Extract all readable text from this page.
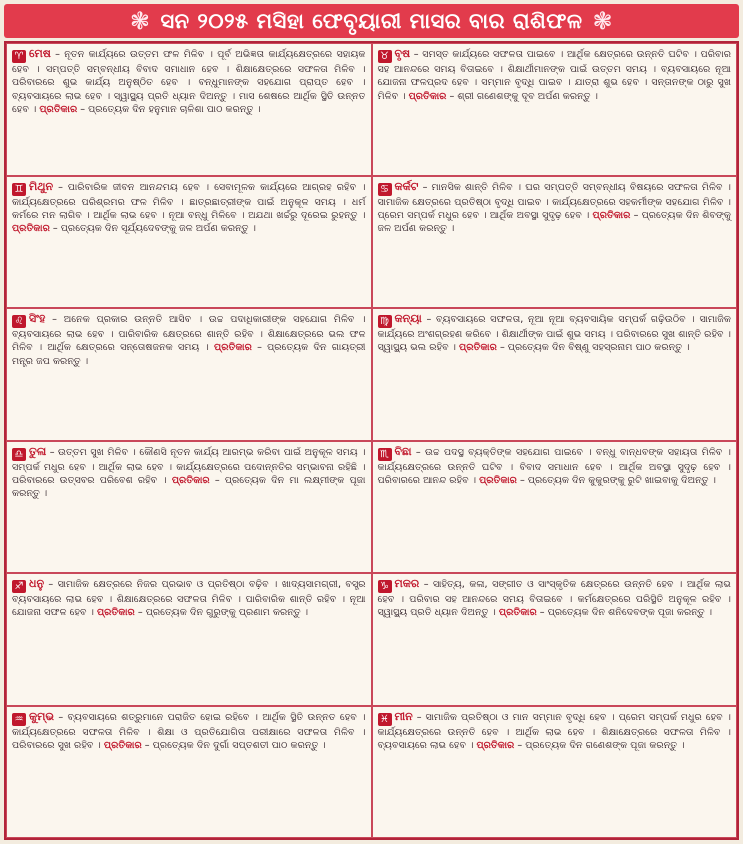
❃ ସନ ୨୦୨୫ ମସିହା ଫେବୃୟାରୀ ମାସର ବାର ରାଶିଫଳ ❃
♈ ମେଷ – ନୂତନ କାର୍ଯ୍ୟରେ ଉତ୍ତମ ଫଳ ମିଳିବ । ପୂର୍ବ ଅଭିଜ୍ଞତା କାର୍ଯ୍ୟକ୍ଷେତ୍ରରେ ସହାୟକ ହେବ । ସମ୍ପତ୍ତି ସମ୍ବନ୍ଧୀୟ ବିବାଦ ସମାଧାନ ହେବ । ଶିକ୍ଷାକ୍ଷେତ୍ରରେ ସଫଳତା ମିଳିବ । ପରିବାରରେ ଶୁଭ କାର୍ଯ୍ୟ ଅନୁଷ୍ଠିତ ହେବ । ବନ୍ଧୁମାନଙ୍କ ସହଯୋଗ ପ୍ରାପ୍ତ ହେବ । ବ୍ୟବସାୟରେ ଲାଭ ହେବ । ସ୍ୱାସ୍ଥ୍ୟ ପ୍ରତି ଧ୍ୟାନ ଦିଅନ୍ତୁ । ମାସ ଶେଷରେ ଆର୍ଥିକ ସ୍ଥିତି ଉନ୍ନତ ହେବ । ପ୍ରତିକାର – ପ୍ରତ୍ୟେକ ଦିନ ହନୁମାନ ଚାଳିଶା ପାଠ କରନ୍ତୁ ।
♉ ବୃଷ – ସମସ୍ତ କାର୍ଯ୍ୟରେ ସଫଳତା ପାଇବେ । ଆର୍ଥିକ କ୍ଷେତ୍ରରେ ଉନ୍ନତି ଘଟିବ । ପରିବାର ସହ ଆନନ୍ଦରେ ସମୟ ବିତାଇବେ । ଶିକ୍ଷାର୍ଥୀମାନଙ୍କ ପାଇଁ ଉତ୍ତମ ସମୟ । ବ୍ୟବସାୟରେ ନୂଆ ଯୋଜନା ଫଳପ୍ରଦ ହେବ । ସମ୍ମାନ ବୃଦ୍ଧି ପାଇବ । ଯାତ୍ରା ଶୁଭ ହେବ । ସନ୍ତାନଙ୍କ ଠାରୁ ସୁଖ ମିଳିବ । ପ୍ରତିକାର – ଶ୍ରୀ ଗଣେଶଙ୍କୁ ଦୂବ ଅର୍ପଣ କରନ୍ତୁ ।
♊ ମିଥୁନ – ପାରିବାରିକ ଜୀବନ ଆନନ୍ଦମୟ ହେବ । ସେବାମୂଳକ କାର୍ଯ୍ୟରେ ଆଗ୍ରହ ରହିବ । କାର୍ଯ୍ୟକ୍ଷେତ୍ରରେ ପରିଶ୍ରମର ଫଳ ମିଳିବ । ଛାତ୍ରଛାତ୍ରୀଙ୍କ ପାଇଁ ଅନୁକୂଳ ସମୟ । ଧର୍ମ କର୍ମରେ ମନ ଲାଗିବ । ଆର୍ଥିକ ଲାଭ ହେବ । ନୂଆ ବନ୍ଧୁ ମିଳିବେ । ଅଯଥା ଖର୍ଚ୍ଚରୁ ଦୂରେଇ ରୁହନ୍ତୁ । ପ୍ରତିକାର – ପ୍ରତ୍ୟେକ ଦିନ ସୂର୍ଯ୍ୟଦେବଙ୍କୁ ଜଳ ଅର୍ପଣ କରନ୍ତୁ ।
♋ କର୍କଟ – ମାନସିକ ଶାନ୍ତି ମିଳିବ । ଘର ସମ୍ପତ୍ତି ସମ୍ବନ୍ଧୀୟ ବିଷୟରେ ସଫଳତା ମିଳିବ । ସାମାଜିକ କ୍ଷେତ୍ରରେ ପ୍ରତିଷ୍ଠା ବୃଦ୍ଧି ପାଇବ । କାର୍ଯ୍ୟକ୍ଷେତ୍ରରେ ସହକର୍ମୀଙ୍କ ସହଯୋଗ ମିଳିବ । ପ୍ରେମ ସମ୍ପର୍କ ମଧୁର ହେବ । ଆର୍ଥିକ ଅବସ୍ଥା ସୁଦୃଢ଼ ହେବ । ପ୍ରତିକାର – ପ୍ରତ୍ୟେକ ଦିନ ଶିବଙ୍କୁ ଜଳ ଅର୍ପଣ କରନ୍ତୁ ।
♌ ସିଂହ – ଅନେକ ପ୍ରକାର ଉନ୍ନତି ଆସିବ । ଉଚ୍ଚ ପଦାଧିକାରୀଙ୍କ ସହଯୋଗ ମିଳିବ । ବ୍ୟବସାୟରେ ଲାଭ ହେବ । ପାରିବାରିକ କ୍ଷେତ୍ରରେ ଶାନ୍ତି ରହିବ । ଶିକ୍ଷାକ୍ଷେତ୍ରରେ ଭଲ ଫଳ ମିଳିବ । ଆର୍ଥିକ କ୍ଷେତ୍ରରେ ସନ୍ତୋଷଜନକ ସମୟ । ପ୍ରତିକାର – ପ୍ରତ୍ୟେକ ଦିନ ଗାୟତ୍ରୀ ମନ୍ତ୍ର ଜପ କରନ୍ତୁ ।
♍ କନ୍ୟା – ବ୍ୟବସାୟରେ ସଫଳତା, ନୂଆ ନୂଆ ବ୍ୟବସାୟିକ ସମ୍ପର୍କ ଗଢ଼ିଉଠିବ । ସାମାଜିକ କାର୍ଯ୍ୟରେ ଅଂଶଗ୍ରହଣ କରିବେ । ଶିକ୍ଷାର୍ଥୀଙ୍କ ପାଇଁ ଶୁଭ ସମୟ । ପରିବାରରେ ସୁଖ ଶାନ୍ତି ରହିବ । ସ୍ୱାସ୍ଥ୍ୟ ଭଲ ରହିବ । ପ୍ରତିକାର – ପ୍ରତ୍ୟେକ ଦିନ ବିଷ୍ଣୁ ସହସ୍ରନାମ ପାଠ କରନ୍ତୁ ।
♎ ତୁଳା – ଉତ୍ତମ ସୁଖ ମିଳିବ । କୌଣସି ନୂତନ କାର୍ଯ୍ୟ ଆରମ୍ଭ କରିବା ପାଇଁ ଅନୁକୂଳ ସମୟ । ସମ୍ପର୍କ ମଧୁର ହେବ । ଆର୍ଥିକ ଲାଭ ହେବ । କାର୍ଯ୍ୟକ୍ଷେତ୍ରରେ ପଦୋନ୍ନତିର ସମ୍ଭାବନା ରହିଛି । ପରିବାରରେ ଉତ୍ସବର ପରିବେଶ ରହିବ । ପ୍ରତିକାର – ପ୍ରତ୍ୟେକ ଦିନ ମା ଲକ୍ଷ୍ମୀଙ୍କ ପୂଜା କରନ୍ତୁ ।
♏ ବିଛା – ଉଚ୍ଚ ପଦସ୍ଥ ବ୍ୟକ୍ତିଙ୍କ ସହଯୋଗ ପାଇବେ । ବନ୍ଧୁ ବାନ୍ଧବଙ୍କ ସହାୟତା ମିଳିବ । କାର୍ଯ୍ୟକ୍ଷେତ୍ରରେ ଉନ୍ନତି ଘଟିବ । ବିବାଦ ସମାଧାନ ହେବ । ଆର୍ଥିକ ଅବସ୍ଥା ସୁଦୃଢ଼ ହେବ । ପରିବାରରେ ଆନନ୍ଦ ରହିବ । ପ୍ରତିକାର – ପ୍ରତ୍ୟେକ ଦିନ କୁକୁରଙ୍କୁ ରୁଟି ଖାଇବାକୁ ଦିଅନ୍ତୁ ।
♐ ଧନୁ – ସାମାଜିକ କ୍ଷେତ୍ରରେ ନିଜର ପ୍ରଭାବ ଓ ପ୍ରତିଷ୍ଠା ବଢ଼ିବ । ଖାଦ୍ୟସାମଗ୍ରୀ, ବସ୍ତ୍ର ବ୍ୟବସାୟରେ ଲାଭ ହେବ । ଶିକ୍ଷାକ୍ଷେତ୍ରରେ ସଫଳତା ମିଳିବ । ପାରିବାରିକ ଶାନ୍ତି ରହିବ । ନୂଆ ଯୋଜନା ସଫଳ ହେବ । ପ୍ରତିକାର – ପ୍ରତ୍ୟେକ ଦିନ ଗୁରୁଙ୍କୁ ପ୍ରଣାମ କରନ୍ତୁ ।
♑ ମକର – ସାହିତ୍ୟ, କଳା, ସଙ୍ଗୀତ ଓ ସାଂସ୍କୃତିକ କ୍ଷେତ୍ରରେ ଉନ୍ନତି ହେବ । ଆର୍ଥିକ ଲାଭ ହେବ । ପରିବାର ସହ ଆନନ୍ଦରେ ସମୟ ବିତାଇବେ । କର୍ମକ୍ଷେତ୍ରରେ ପରିସ୍ଥିତି ଅନୁକୂଳ ରହିବ । ସ୍ୱାସ୍ଥ୍ୟ ପ୍ରତି ଧ୍ୟାନ ଦିଅନ୍ତୁ । ପ୍ରତିକାର – ପ୍ରତ୍ୟେକ ଦିନ ଶନିଦେବଙ୍କ ପୂଜା କରନ୍ତୁ ।
♒ କୁମ୍ଭ – ବ୍ୟବସାୟରେ ଶତ୍ରୁମାନେ ପରାଜିତ ହୋଇ ରହିବେ । ଆର୍ଥିକ ସ୍ଥିତି ଉନ୍ନତ ହେବ । କାର୍ଯ୍ୟକ୍ଷେତ୍ରରେ ସଫଳତା ମିଳିବ । ଶିକ୍ଷା ଓ ପ୍ରତିଯୋଗିତା ପରୀକ୍ଷାରେ ସଫଳତା ମିଳିବ । ପରିବାରରେ ସୁଖ ରହିବ । ପ୍ରତିକାର – ପ୍ରତ୍ୟେକ ଦିନ ଦୁର୍ଗା ସପ୍ତଶତୀ ପାଠ କରନ୍ତୁ ।
♓ ମୀନ – ସାମାଜିକ ପ୍ରତିଷ୍ଠା ଓ ମାନ ସମ୍ମାନ ବୃଦ୍ଧି ହେବ । ପ୍ରେମ ସମ୍ପର୍କ ମଧୁର ହେବ । କାର୍ଯ୍ୟକ୍ଷେତ୍ରରେ ଉନ୍ନତି ହେବ । ଆର୍ଥିକ ଲାଭ ହେବ । ଶିକ୍ଷାକ୍ଷେତ୍ରରେ ସଫଳତା ମିଳିବ । ବ୍ୟବସାୟରେ ଲାଭ ହେବ । ପ୍ରତିକାର – ପ୍ରତ୍ୟେକ ଦିନ ଗଣେଶଙ୍କ ପୂଜା କରନ୍ତୁ ।
